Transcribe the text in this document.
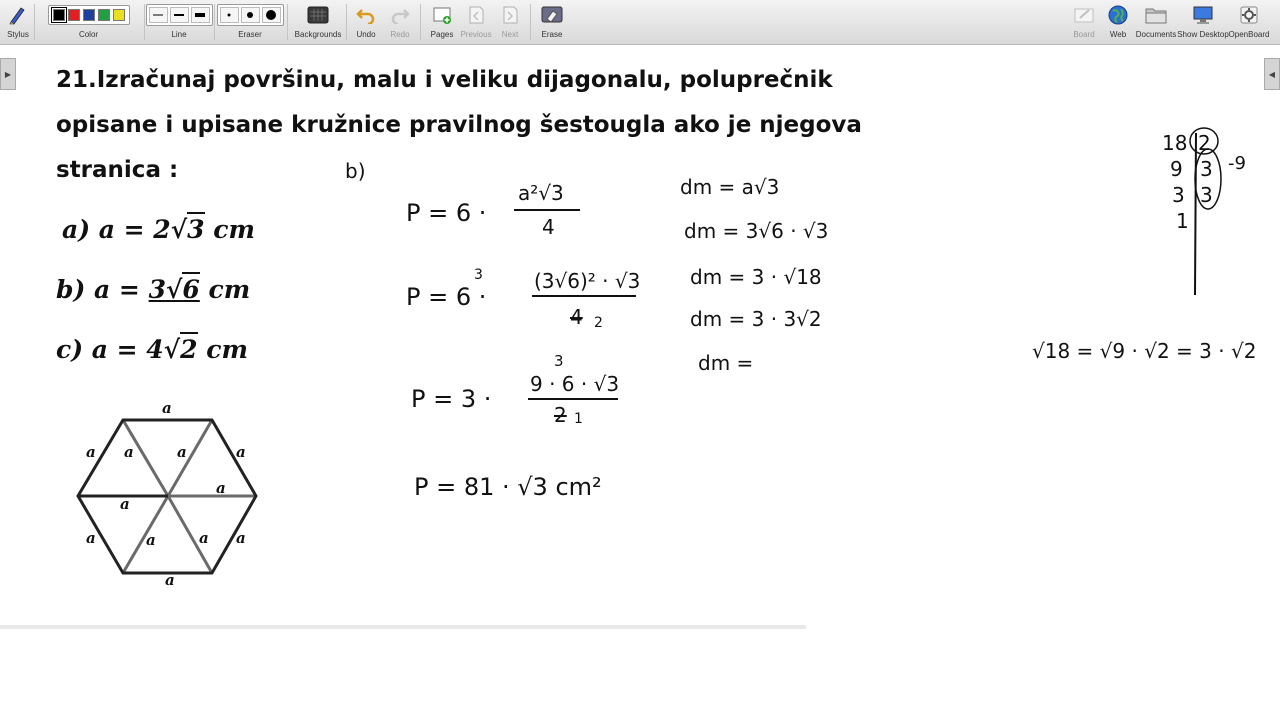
Stylus	Color	Line	Eraser	Backgrounds Undo Redo	Pages Previous Next	Erase	Board Web Documents Show Desktop OpenBoard
▶	◀
21.Izračunaj površinu, malu i veliku dijagonalu, poluprečnik
opisane i upisane kružnice pravilnog šestougla ako je njegova
stranica :
a) a = 2√3 cm
b) a = 3√6 cm
c) a = 4√2 cm
a
a a	a	a
a
a
a	a	a a
a
b)
P = 6 ·
a²√3
4
P = 6 ·
3	(3√6)² · √3
4 2
P = 3 ·
3
9 · 6 · √3
2 1
P = 81 · √3 cm²
dm = a√3
dm = 3√6 · √3
dm = 3 · √18
dm = 3 · 3√2
dm =
18 2
9 3
3 3
1
-9
√18 = √9 · √2 = 3 · √2
